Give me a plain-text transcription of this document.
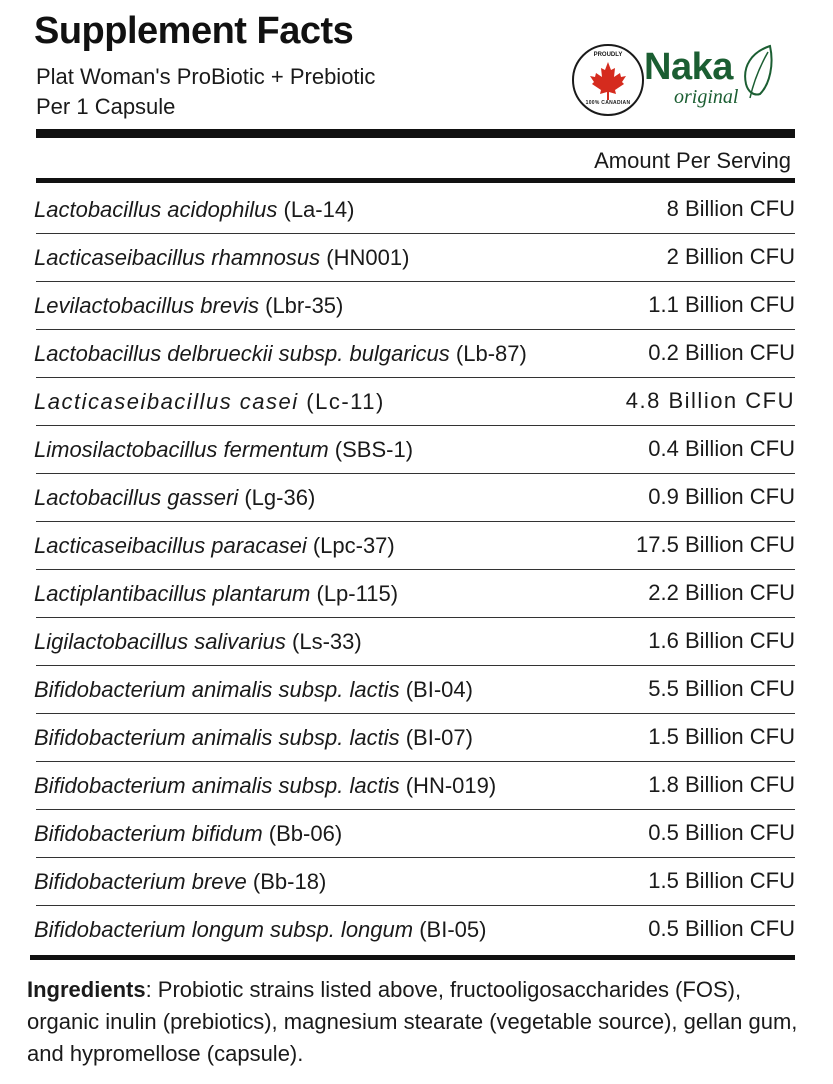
Supplement Facts
Plat Woman's ProBiotic + Prebiotic
Per 1 Capsule
PROUDLY
100% CANADIAN
Naka
original
Amount Per Serving
Lactobacillus acidophilus (La-14)	8 Billion CFU
Lacticaseibacillus rhamnosus (HN001)	2 Billion CFU
Levilactobacillus brevis (Lbr-35)	1.1 Billion CFU
Lactobacillus delbrueckii subsp. bulgaricus (Lb-87)	0.2 Billion CFU
Lacticaseibacillus casei (Lc-11)	4.8 Billion CFU
Limosilactobacillus fermentum (SBS-1)	0.4 Billion CFU
Lactobacillus gasseri (Lg-36)	0.9 Billion CFU
Lacticaseibacillus paracasei (Lpc-37)	17.5 Billion CFU
Lactiplantibacillus plantarum (Lp-115)	2.2 Billion CFU
Ligilactobacillus salivarius (Ls-33)	1.6 Billion CFU
Bifidobacterium animalis subsp. lactis (BI-04)	5.5 Billion CFU
Bifidobacterium animalis subsp. lactis (BI-07)	1.5 Billion CFU
Bifidobacterium animalis subsp. lactis (HN-019)	1.8 Billion CFU
Bifidobacterium bifidum (Bb-06)	0.5 Billion CFU
Bifidobacterium breve (Bb-18)	1.5 Billion CFU
Bifidobacterium longum subsp. longum (BI-05)	0.5 Billion CFU
Ingredients: Probiotic strains listed above, fructooligosaccharides (FOS), organic inulin (prebiotics), magnesium stearate (vegetable source), gellan gum, and hypromellose (capsule).
